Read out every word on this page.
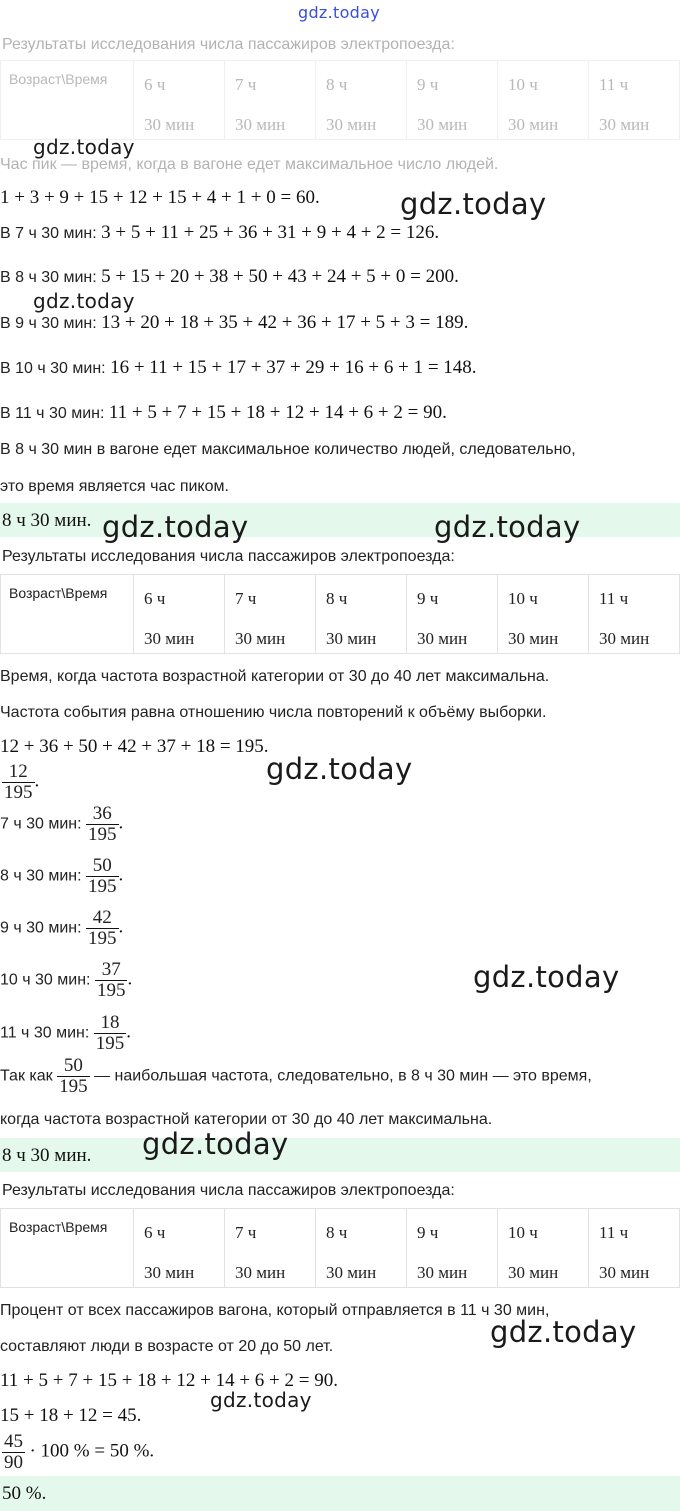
gdz.today
Результаты исследования числа пассажиров электропоезда:
Возраст\Время	6 ч
30 мин

7 ч
30 мин

8 ч
30 мин

9 ч
30 мин

10 ч
30 мин

11 ч
30 мин
Час пик — время, когда в вагоне едет максимальное число людей.
gdz.today
1 + 3 + 9 + 15 + 12 + 15 + 4 + 1 + 0 = 60.	gdz.today
В 7 ч 30 мин: 3 + 5 + 11 + 25 + 36 + 31 + 9 + 4 + 2 = 126.
В 8 ч 30 мин: 5 + 15 + 20 + 38 + 50 + 43 + 24 + 5 + 0 = 200.
gdz.today
В 9 ч 30 мин: 13 + 20 + 18 + 35 + 42 + 36 + 17 + 5 + 3 = 189.
В 10 ч 30 мин: 16 + 11 + 15 + 17 + 37 + 29 + 16 + 6 + 1 = 148.
В 11 ч 30 мин: 11 + 5 + 7 + 15 + 18 + 12 + 14 + 6 + 2 = 90.
В 8 ч 30 мин в вагоне едет максимальное количество людей, следовательно,
это время является час пиком.
8 ч 30 мин. gdz.today	gdz.today
Результаты исследования числа пассажиров электропоезда:
Возраст\Время	6 ч
30 мин

7 ч
30 мин

8 ч
30 мин

9 ч
30 мин

10 ч
30 мин

11 ч
30 мин
Время, когда частота возрастной категории от 30 до 40 лет максимальна.
Частота события равна отношению числа повторений к объёму выборки.
12 + 36 + 50 + 42 + 37 + 18 = 195.
gdz.today
$\frac{12}{195}$ .
7 ч 30 мин: $\frac{36}{195}$ .
8 ч 30 мин: $\frac{50}{195}$ .
9 ч 30 мин: $\frac{42}{195}$ .
10 ч 30 мин: $\frac{37}{195}$ .	gdz.today
11 ч 30 мин: $\frac{18}{195}$ .
Так как $\frac{50}{195}$ — наибольшая частота, следовательно, в 8 ч 30 мин — это время,
когда частота возрастной категории от 30 до 40 лет максимальна.
8 ч 30 мин. gdz.today
Результаты исследования числа пассажиров электропоезда:
Возраст\Время	6 ч
30 мин

7 ч
30 мин

8 ч
30 мин

9 ч
30 мин

10 ч
30 мин

11 ч
30 мин
Процент от всех пассажиров вагона, который отправляется в 11 ч 30 мин,
составляют люди в возрасте от 20 до 50 лет.	gdz.today
11 + 5 + 7 + 15 + 18 + 12 + 14 + 6 + 2 = 90.
15 + 18 + 12 = 45.
gdz.today
$\frac{45}{90} \cdot 100$ % = 50 %.
50 %.
